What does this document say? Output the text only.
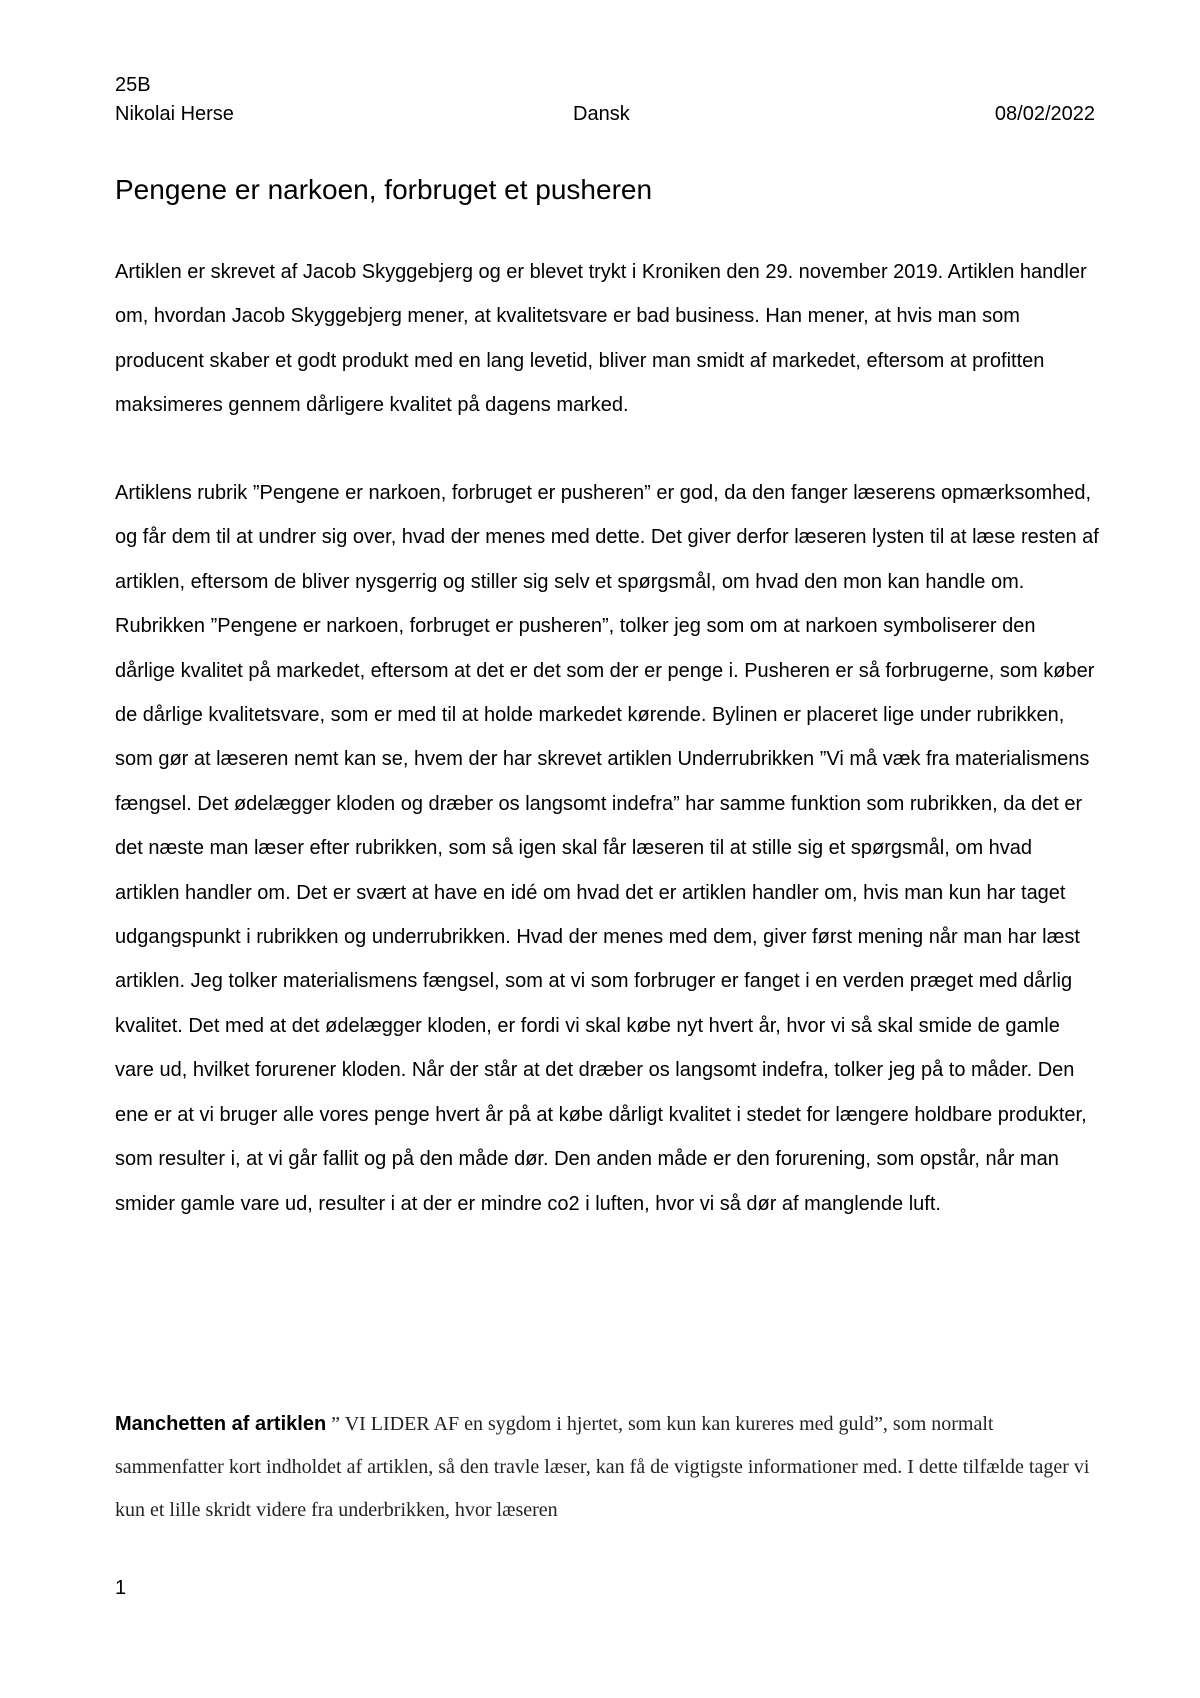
25B
Nikolai Herse	Dansk	08/02/2022
Pengene er narkoen, forbruget et pusheren

Artiklen er skrevet af Jacob Skyggebjerg og er blevet trykt i Kroniken den 29. november 2019. Artiklen handler om, hvordan Jacob Skyggebjerg mener, at kvalitetsvare er bad business. Han mener, at hvis man som producent skaber et godt produkt med en lang levetid, bliver man smidt af markedet, eftersom at profitten maksimeres gennem dårligere kvalitet på dagens marked.

Artiklens rubrik ”Pengene er narkoen, forbruget er pusheren” er god, da den fanger læserens opmærksomhed, og får dem til at undrer sig over, hvad der menes med dette. Det giver derfor læseren lysten til at læse resten af artiklen, eftersom de bliver nysgerrig og stiller sig selv et spørgsmål, om hvad den mon kan handle om. Rubrikken ”Pengene er narkoen, forbruget er pusheren”, tolker jeg som om at narkoen symboliserer den dårlige kvalitet på markedet, eftersom at det er det som der er penge i. Pusheren er så forbrugerne, som køber de dårlige kvalitetsvare, som er med til at holde markedet kørende. Bylinen er placeret lige under rubrikken, som gør at læseren nemt kan se, hvem der har skrevet artiklen Underrubrikken ”Vi må væk fra materialismens fængsel. Det ødelægger kloden og dræber os langsomt indefra” har samme funktion som rubrikken, da det er det næste man læser efter rubrikken, som så igen skal får læseren til at stille sig et spørgsmål, om hvad artiklen handler om. Det er svært at have en idé om hvad det er artiklen handler om, hvis man kun har taget udgangspunkt i rubrikken og underrubrikken. Hvad der menes med dem, giver først mening når man har læst artiklen. Jeg tolker materialismens fængsel, som at vi som forbruger er fanget i en verden præget med dårlig kvalitet. Det med at det ødelægger kloden, er fordi vi skal købe nyt hvert år, hvor vi så skal smide de gamle vare ud, hvilket forurener kloden. Når der står at det dræber os langsomt indefra, tolker jeg på to måder. Den ene er at vi bruger alle vores penge hvert år på at købe dårligt kvalitet i stedet for længere holdbare produkter, som resulter i, at vi går fallit og på den måde dør. Den anden måde er den forurening, som opstår, når man smider gamle vare ud, resulter i at der er mindre co2 i luften, hvor vi så dør af manglende luft.

Manchetten af artiklen ” VI LIDER AF en sygdom i hjertet, som kun kan kureres med guld”, som normalt sammenfatter kort indholdet af artiklen, så den travle læser, kan få de vigtigste informationer med. I dette tilfælde tager vi kun et lille skridt videre fra underbrikken, hvor læseren

1
